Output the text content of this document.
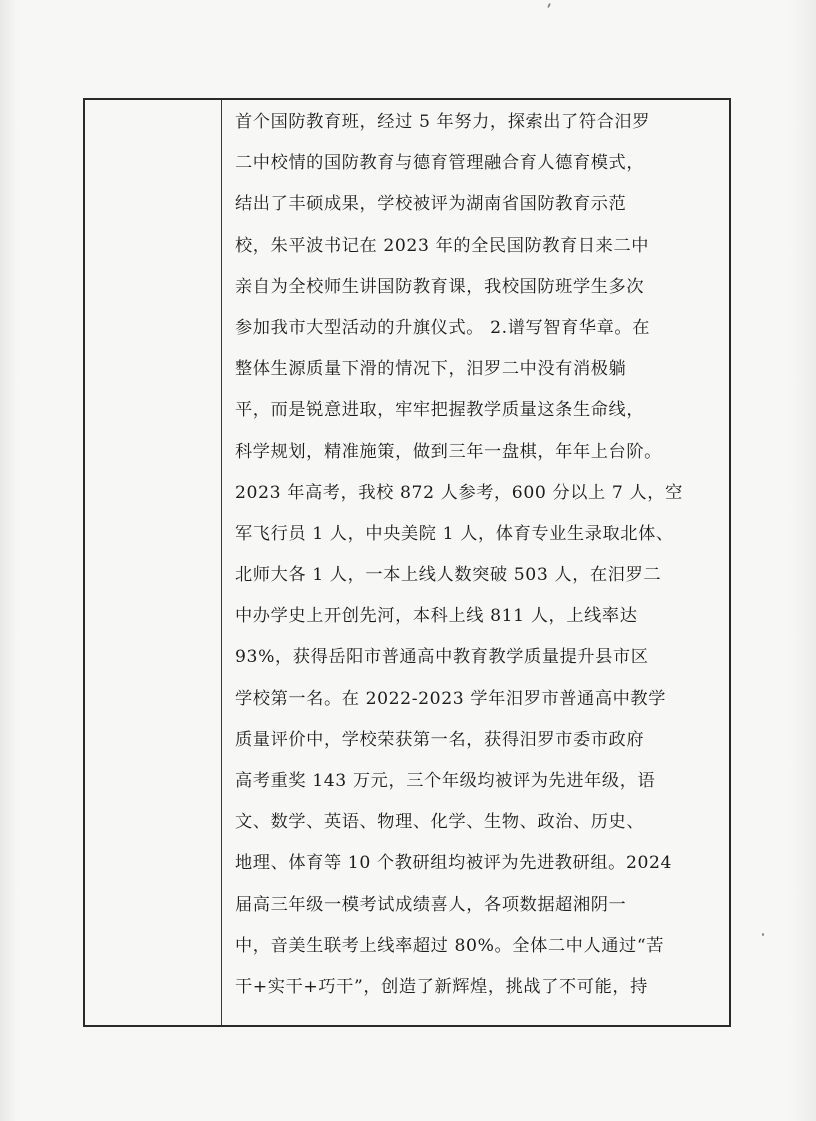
首个国防教育班，经过 5 年努力，探索出了符合汨罗
二中校情的国防教育与德育管理融合育人德育模式，
结出了丰硕成果，学校被评为湖南省国防教育示范
校，朱平波书记在 2023 年的全民国防教育日来二中
亲自为全校师生讲国防教育课，我校国防班学生多次
参加我市大型活动的升旗仪式。 2.谱写智育华章。在
整体生源质量下滑的情况下，汨罗二中没有消极躺
平，而是锐意进取，牢牢把握教学质量这条生命线，
科学规划，精准施策，做到三年一盘棋，年年上台阶。
2023 年高考，我校 872 人参考，600 分以上 7 人，空
军飞行员 1 人，中央美院 1 人，体育专业生录取北体、
北师大各 1 人，一本上线人数突破 503 人，在汨罗二
中办学史上开创先河，本科上线 811 人，上线率达
93%，获得岳阳市普通高中教育教学质量提升县市区
学校第一名。在 2022-2023 学年汨罗市普通高中教学
质量评价中，学校荣获第一名，获得汨罗市委市政府
高考重奖 143 万元，三个年级均被评为先进年级，语
文、数学、英语、物理、化学、生物、政治、历史、
地理、体育等 10 个教研组均被评为先进教研组。2024
届高三年级一模考试成绩喜人，各项数据超湘阴一
中，音美生联考上线率超过 80%。全体二中人通过“苦
干+实干+巧干”，创造了新辉煌，挑战了不可能，持
